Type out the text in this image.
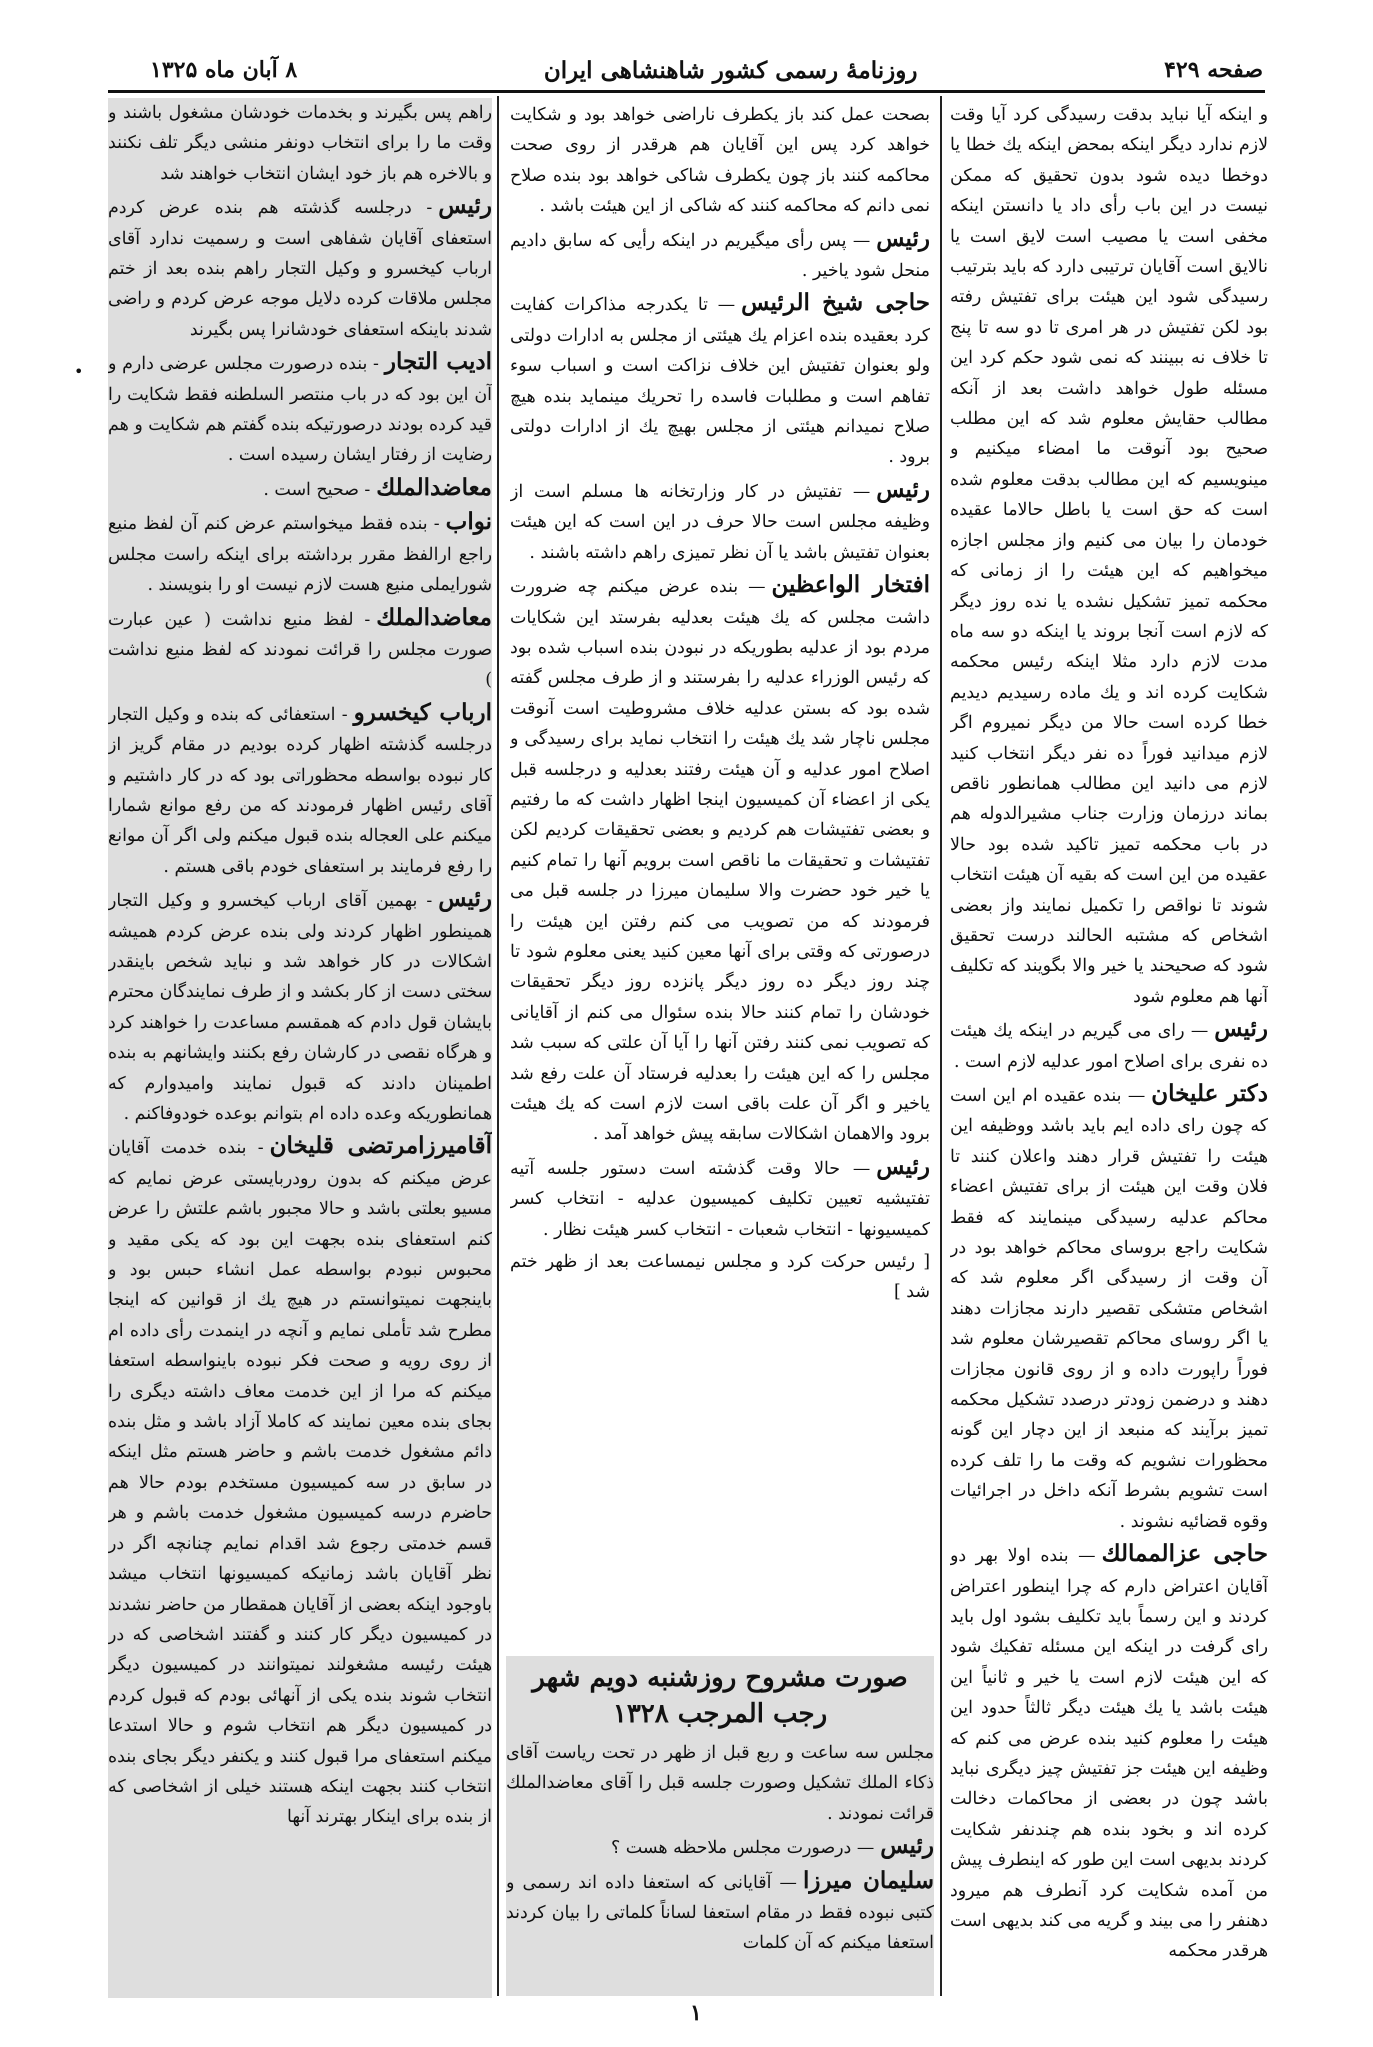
صفحه ۴۲۹
روزنامهٔ رسمی کشور شاهنشاهی ایران
۸ آبان ماه ۱۳۲۵

و اینکه آیا نباید بدقت رسیدگی کرد آیا وقت لازم ندارد دیگر اینکه بمحض اینکه یك خطا یا دوخطا دیده شود بدون تحقیق که ممکن نیست در این باب رأی داد یا دانستن اینکه مخفی است یا مصیب است لایق است یا نالایق است آقایان ترتیبی دارد که باید بترتیب رسیدگی شود این هیئت برای تفتیش رفته بود لکن تفتیش در هر امری تا دو سه تا پنج تا خلاف نه ببینند که نمی شود حکم کرد این مسئله طول خواهد داشت بعد از آنکه مطالب حقایش معلوم شد که این مطلب صحیح بود آنوقت ما امضاء میکنیم و مینویسیم که این مطالب بدقت معلوم شده است که حق است یا باطل حالاما عقیده خودمان را بیان می کنیم واز مجلس اجازه میخواهیم که این هیئت را از زمانی که محکمه تمیز تشکیل نشده یا نده روز دیگر که لازم است آنجا بروند یا اینکه دو سه ماه مدت لازم دارد مثلا اینکه رئیس محکمه شکایت کرده اند و یك ماده رسیدیم دیدیم خطا کرده است حالا من دیگر نمیروم اگر لازم میدانید فوراً ده نفر دیگر انتخاب کنید لازم می دانید این مطالب همانطور ناقص بماند درزمان وزارت جناب مشیرالدوله هم در باب محکمه تمیز تاکید شده بود حالا عقیده من این است که بقیه آن هیئت انتخاب شوند تا نواقص را تکمیل نمایند واز بعضی اشخاص که مشتبه الحالند درست تحقیق شود که صحیحند یا خیر والا بگویند که تکلیف آنها هم معلوم شود

رئیس— رای می گیریم در اینکه یك هیئت ده نفری برای اصلاح امور عدلیه لازم است .

دکتر علیخان— بنده عقیده ام این است که چون رای داده ایم باید باشد ووظیفه این هیئت را تفتیش قرار دهند واعلان کنند تا فلان وقت این هیئت از برای تفتیش اعضاء محاکم عدلیه رسیدگی مینمایند که فقط شکایت راجع بروسای محاکم خواهد بود در آن وقت از رسیدگی اگر معلوم شد که اشخاص متشکی تقصیر دارند مجازات دهند یا اگر روسای محاکم تقصیرشان معلوم شد فوراً راپورت داده و از روی قانون مجازات دهند و درضمن زودتر درصدد تشکیل محکمه تمیز برآیند که منبعد از این دچار این گونه محظورات نشویم که وقت ما را تلف کرده است تشویم بشرط آنکه داخل در اجرائیات وقوه قضائیه نشوند .

حاجی عزالممالك— بنده اولا بهر دو آقایان اعتراض دارم که چرا اینطور اعتراض کردند و این رسماً باید تکلیف بشود اول باید رای گرفت در اینکه این مسئله تفکیك شود که این هیئت لازم است یا خیر و ثانیاً این هیئت باشد یا یك هیئت دیگر ثالثاً حدود این هیئت را معلوم کنید بنده عرض می کنم که وظیفه این هیئت جز تفتیش چیز دیگری نباید باشد چون در بعضی از محاکمات دخالت کرده اند و بخود بنده هم چندنفر شکایت کردند بدیهی است این طور که اینطرف پیش من آمده شکایت کرد آنطرف هم میرود دهنفر را می بیند و گریه می کند بدیهی است هرقدر محکمه

بصحت عمل کند باز یکطرف ناراضی خواهد بود و شکایت خواهد کرد پس این آقایان هم هرقدر از روی صحت محاکمه کنند باز چون یکطرف شاکی خواهد بود بنده صلاح نمی دانم که محاکمه کنند که شاکی از این هیئت باشد .

رئیس— پس رأی میگیریم در اینکه رأیی که سابق دادیم منحل شود یاخیر .

حاجی شیخ الرئیس— تا یکدرجه مذاکرات کفایت کرد بعقیده بنده اعزام یك هیئتی از مجلس به ادارات دولتی ولو بعنوان تفتیش این خلاف نزاکت است و اسباب سوء تفاهم است و مطلبات فاسده را تحریك مینماید بنده هیچ صلاح نمیدانم هیئتی از مجلس بهیچ یك از ادارات دولتی برود .

رئیس— تفتیش در کار وزارتخانه ها مسلم است از وظیفه مجلس است حالا حرف در این است که این هیئت بعنوان تفتیش باشد یا آن نظر تمیزی راهم داشته باشند .

افتخار الواعظین— بنده عرض میکنم چه ضرورت داشت مجلس که یك هیئت بعدلیه بفرستد این شکایات مردم بود از عدلیه بطوریکه در نبودن بنده اسباب شده بود که رئیس الوزراء عدلیه را بفرستند و از طرف مجلس گفته شده بود که بستن عدلیه خلاف مشروطیت است آنوقت مجلس ناچار شد یك هیئت را انتخاب نماید برای رسیدگی و اصلاح امور عدلیه و آن هیئت رفتند بعدلیه و درجلسه قبل یکی از اعضاء آن کمیسیون اینجا اظهار داشت که ما رفتیم و بعضی تفتیشات هم کردیم و بعضی تحقیقات کردیم لکن تفتیشات و تحقیقات ما ناقص است برویم آنها را تمام کنیم یا خیر خود حضرت والا سلیمان میرزا در جلسه قبل می فرمودند که من تصویب می کنم رفتن این هیئت را درصورتی که وقتی برای آنها معین کنید یعنی معلوم شود تا چند روز دیگر ده روز دیگر پانزده روز دیگر تحقیقات خودشان را تمام کنند حالا بنده سئوال می کنم از آقایانی که تصویب نمی کنند رفتن آنها را آیا آن علتی که سبب شد مجلس را که این هیئت را بعدلیه فرستاد آن علت رفع شد یاخیر و اگر آن علت باقی است لازم است که یك هیئت برود والاهمان اشکالات سابقه پیش خواهد آمد .

رئیس— حالا وقت گذشته است دستور جلسه آتیه تفتیشیه تعیین تکلیف کمیسیون عدلیه - انتخاب کسر کمیسیونها - انتخاب شعبات - انتخاب کسر هیئت نظار .

[ رئیس حرکت کرد و مجلس نیمساعت بعد از ظهر ختم شد ]

صورت مشروح روزشنبه دویم شهر
رجب المرجب ۱۳۲۸

مجلس سه ساعت و ربع قبل از ظهر در تحت ریاست آقای ذکاء الملك تشکیل وصورت جلسه قبل را آقای معاضدالملك قرائت نمودند .

رئیس— درصورت مجلس ملاحظه هست ؟

سلیمان میرزا— آقایانی که استعفا داده اند رسمی و کتبی نبوده فقط در مقام استعفا لساناً کلماتی را بیان کردند استعفا میکنم که آن کلمات

راهم پس بگیرند و بخدمات خودشان مشغول باشند و وقت ما را برای انتخاب دونفر منشی دیگر تلف نکنند و بالاخره هم باز خود ایشان انتخاب خواهند شد

رئیس- درجلسه گذشته هم بنده عرض کردم استعفای آقایان شفاهی است و رسمیت ندارد آقای ارباب کیخسرو و وکیل التجار راهم بنده بعد از ختم مجلس ملاقات کرده دلایل موجه عرض کردم و راضی شدند باینکه استعفای خودشانرا پس بگیرند

ادیب التجار- بنده درصورت مجلس عرضی دارم و آن این بود که در باب منتصر السلطنه فقط شکایت را قید کرده بودند درصورتیکه بنده گفتم هم شکایت و هم رضایت از رفتار ایشان رسیده است .

معاضدالملك- صحیح است .

نواب- بنده فقط میخواستم عرض کنم آن لفظ منیع راجع ارالفظ مقرر برداشته برای اینکه راست مجلس شورایملی منیع هست لازم نیست او را بنویسند .

معاضدالملك- لفظ منیع نداشت ( عین عبارت صورت مجلس را قرائت نمودند که لفظ منیع نداشت )

ارباب کیخسرو- استعفائی که بنده و وکیل التجار درجلسه گذشته اظهار کرده بودیم در مقام گریز از کار نبوده بواسطه محظوراتی بود که در کار داشتیم و آقای رئیس اظهار فرمودند که من رفع موانع شمارا میکنم علی العجاله بنده قبول میکنم ولی اگر آن موانع را رفع فرمایند بر استعفای خودم باقی هستم .

رئیس- بهمین آقای ارباب کیخسرو و وکیل التجار همینطور اظهار کردند ولی بنده عرض کردم همیشه اشکالات در کار خواهد شد و نباید شخص باینقدر سختی دست از کار بکشد و از طرف نمایندگان محترم بایشان قول دادم که همقسم مساعدت را خواهند کرد و هرگاه نقصی در کارشان رفع بکنند وایشانهم به بنده اطمینان دادند که قبول نمایند وامیدوارم که همانطوریکه وعده داده ام بتوانم بوعده خودوفاکنم .

آقامیرزامرتضی قلیخان- بنده خدمت آقایان عرض میکنم که بدون رودربایستی عرض نمایم که مسیو بعلتی باشد و حالا مجبور باشم علتش را عرض کنم استعفای بنده بجهت این بود که یکی مقید و محبوس نبودم بواسطه عمل انشاء حبس بود و باینجهت نمیتوانستم در هیچ یك از قوانین که اینجا مطرح شد تأملی نمایم و آنچه در اینمدت رأی داده ام از روی رویه و صحت فکر نبوده باینواسطه استعفا میکنم که مرا از این خدمت معاف داشته دیگری را بجای بنده معین نمایند که کاملا آزاد باشد و مثل بنده دائم مشغول خدمت باشم و حاضر هستم مثل اینکه در سابق در سه کمیسیون مستخدم بودم حالا هم حاضرم درسه کمیسیون مشغول خدمت باشم و هر قسم خدمتی رجوع شد اقدام نمایم چنانچه اگر در نظر آقایان باشد زمانیکه کمیسیونها انتخاب میشد باوجود اینکه بعضی از آقایان همقطار من حاضر نشدند در کمیسیون دیگر کار کنند و گفتند اشخاصی که در هیئت رئیسه مشغولند نمیتوانند در کمیسیون دیگر انتخاب شوند بنده یکی از آنهائی بودم که قبول کردم در کمیسیون دیگر هم انتخاب شوم و حالا استدعا میکنم استعفای مرا قبول کنند و یکنفر دیگر بجای بنده انتخاب کنند بجهت اینکه هستند خیلی از اشخاصی که از بنده برای اینکار بهترند آنها

•
۱
